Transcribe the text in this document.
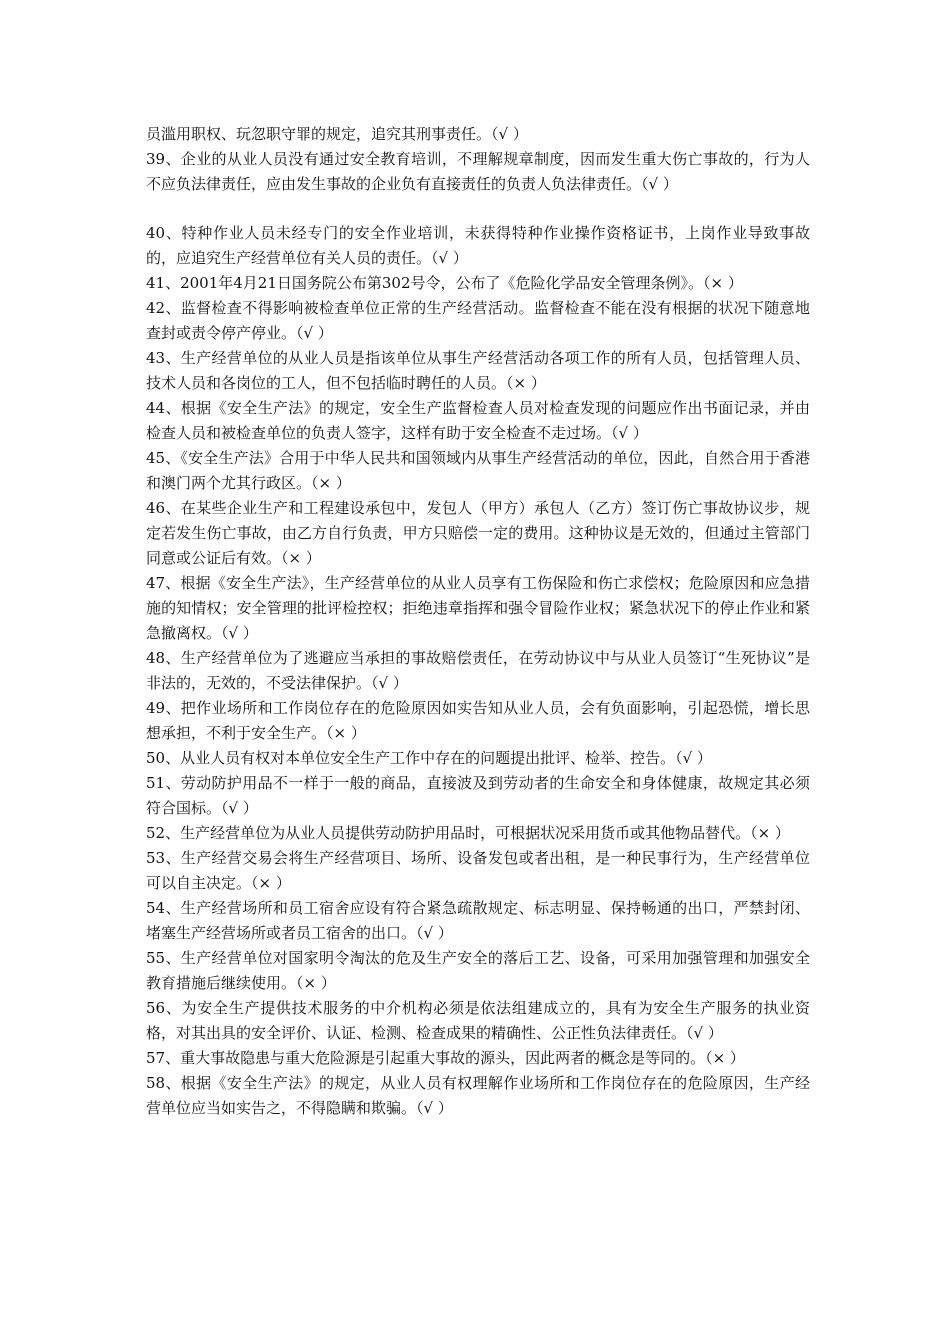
员滥用职权、玩忽职守罪的规定，追究其刑事责任。（√ ）

39、企业的从业人员没有通过安全教育培训，不理解规章制度，因而发生重大伤亡事故的，行为人不应负法律责任，应由发生事故的企业负有直接责任的负责人负法律责任。（√ ）

40、特种作业人员未经专门的安全作业培训，未获得特种作业操作资格证书，上岗作业导致事故的，应追究生产经营单位有关人员的责任。（√ ）

41、2001年4月21日国务院公布第302号令，公布了《危险化学品安全管理条例》。（× ）

42、监督检查不得影响被检查单位正常的生产经营活动。监督检查不能在没有根据的状况下随意地查封或责令停产停业。（√ ）

43、生产经营单位的从业人员是指该单位从事生产经营活动各项工作的所有人员，包括管理人员、技术人员和各岗位的工人，但不包括临时聘任的人员。（× ）

44、根据《安全生产法》的规定，安全生产监督检查人员对检查发现的问题应作出书面记录，并由检查人员和被检查单位的负责人签字，这样有助于安全检查不走过场。（√ ）

45、《安全生产法》合用于中华人民共和国领域内从事生产经营活动的单位，因此，自然合用于香港和澳门两个尤其行政区。（× ）

46、在某些企业生产和工程建设承包中，发包人（甲方）承包人（乙方）签订伤亡事故协议步，规定若发生伤亡事故，由乙方自行负责，甲方只赔偿一定的费用。这种协议是无效的，但通过主管部门同意或公证后有效。（× ）

47、根据《安全生产法》，生产经营单位的从业人员享有工伤保险和伤亡求偿权；危险原因和应急措施的知情权；安全管理的批评检控权；拒绝违章指挥和强令冒险作业权；紧急状况下的停止作业和紧急撤离权。（√ ）

48、生产经营单位为了逃避应当承担的事故赔偿责任，在劳动协议中与从业人员签订“生死协议”是非法的，无效的，不受法律保护。（√ ）

49、把作业场所和工作岗位存在的危险原因如实告知从业人员，会有负面影响，引起恐慌，增长思想承担，不利于安全生产。（× ）

50、从业人员有权对本单位安全生产工作中存在的问题提出批评、检举、控告。（√ ）

51、劳动防护用品不一样于一般的商品，直接波及到劳动者的生命安全和身体健康，故规定其必须符合国标。（√ ）

52、生产经营单位为从业人员提供劳动防护用品时，可根据状况采用货币或其他物品替代。（× ）

53、生产经营交易会将生产经营项目、场所、设备发包或者出租，是一种民事行为，生产经营单位可以自主决定。（× ）

54、生产经营场所和员工宿舍应设有符合紧急疏散规定、标志明显、保持畅通的出口，严禁封闭、堵塞生产经营场所或者员工宿舍的出口。（√ ）

55、生产经营单位对国家明令淘汰的危及生产安全的落后工艺、设备，可采用加强管理和加强安全教育措施后继续使用。（× ）

56、为安全生产提供技术服务的中介机构必须是依法组建成立的，具有为安全生产服务的执业资格，对其出具的安全评价、认证、检测、检查成果的精确性、公正性负法律责任。（√ ）

57、重大事故隐患与重大危险源是引起重大事故的源头，因此两者的概念是等同的。（× ）

58、根据《安全生产法》的规定，从业人员有权理解作业场所和工作岗位存在的危险原因，生产经营单位应当如实告之，不得隐瞒和欺骗。（√ ）
